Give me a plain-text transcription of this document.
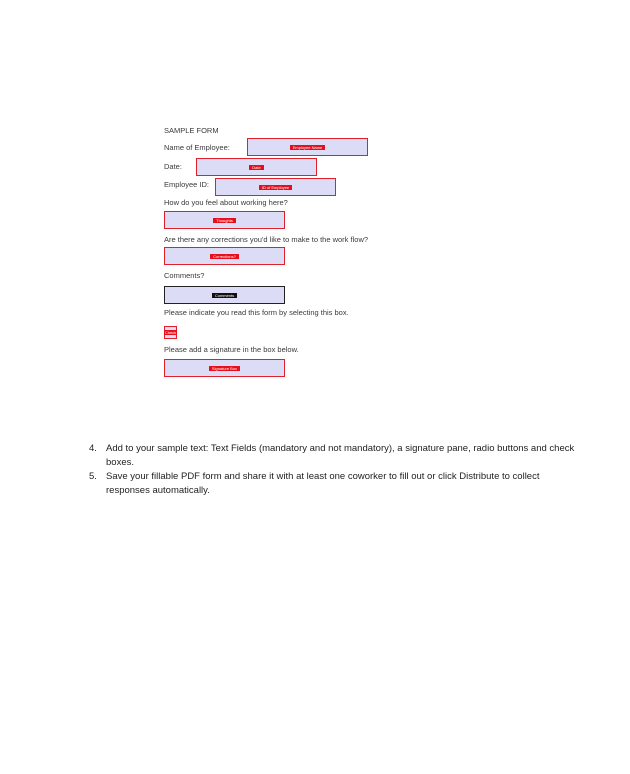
SAMPLE FORM
Name of Employee:	Employee Name
Date:	Date
Employee ID:	ID of Employee
How do you feel about working here?
Thoughts
Are there any corrections you'd like to make to the work flow?
Corrections?
Comments?
Comments
Please indicate you read this form by selecting this box.
Check
Please add a signature in the box below.
Signature Box
4. Add to your sample text: Text Fields (mandatory and not mandatory), a signature pane, radio buttons and check boxes.
5. Save your fillable PDF form and share it with at least one coworker to fill out or click Distribute to collect responses automatically.
